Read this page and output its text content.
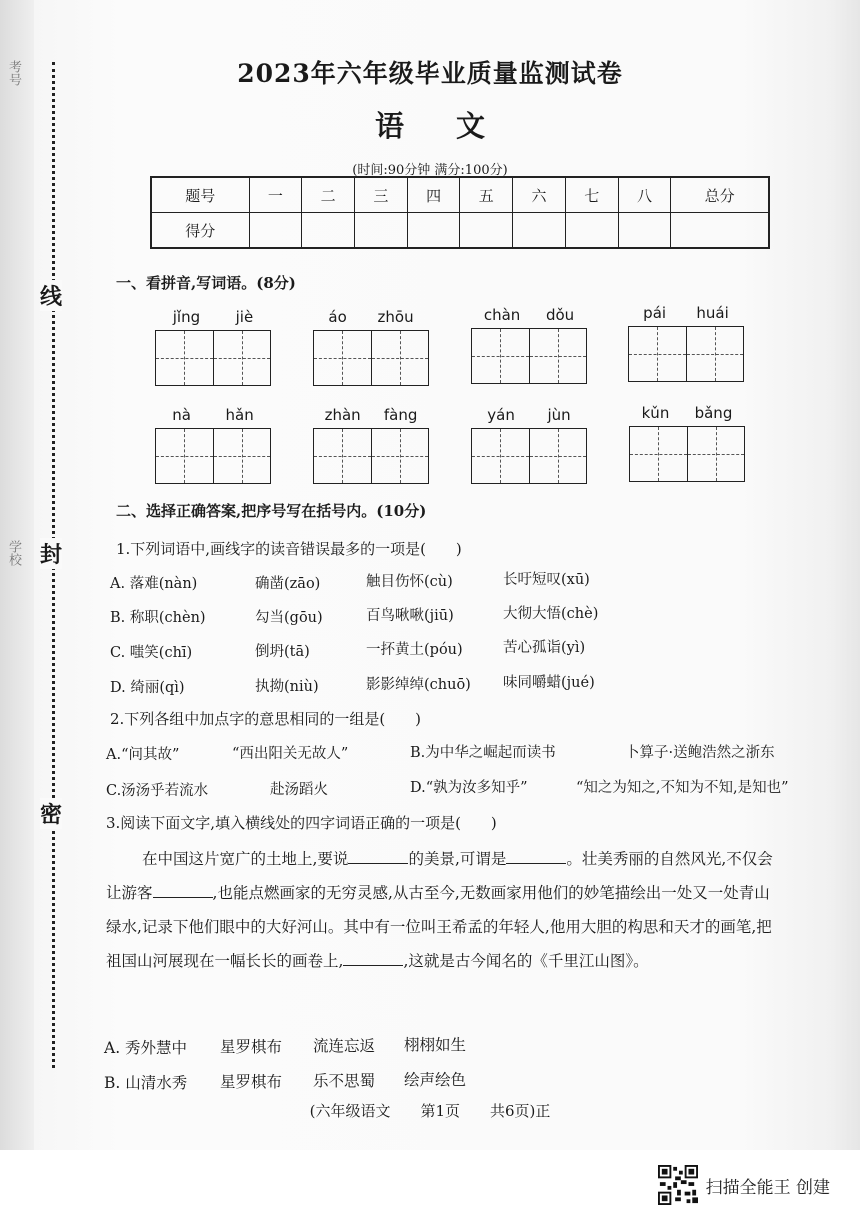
考号
学校
线
封
密
2023年六年级毕业质量监测试卷
语文
(时间:90分钟 满分:100分)
题号	一	二	三	四	五	六	七	八	总分
得分									
一、看拼音,写词语。(8分)
jǐng jiè	áo zhōu	chàn dǒu	pái huái
nà hǎn	zhàn fàng	yán jùn	kǔn bǎng
二、选择正确答案,把序号写在括号内。(10分)
1.下列词语中,画线字的读音错误最多的一项是(　　)
A. 落难(nàn)	确凿(zāo)	触目伤怀(cù)	长吁短叹(xū)
B. 称职(chèn)	勾当(gōu)	百鸟啾啾(jiū)	大彻大悟(chè)
C. 嗤笑(chī)	倒坍(tā)	一抔黄土(póu)	苦心孤诣(yì)
D. 绮丽(qì)	执拗(niù)	影影绰绰(chuō) 味同嚼蜡(jué)
2.下列各组中加点字的意思相同的一组是(　　)
A.“问其故”	“西出阳关无故人”	B.为中华之崛起而读书	卜算子·送鲍浩然之浙东
C.汤汤乎若流水	赴汤蹈火	D.“孰为汝多知乎”	“知之为知之,不知为不知,是知也”
3.阅读下面文字,填入横线处的四字词语正确的一项是(　　)
在中国这片宽广的土地上,要说	的美景,可谓是	。壮美秀丽的自然风光,不仅会让游客	,也能点燃画家的无穷灵感,从古至今,无数画家用他们的妙笔描绘出一处又一处青山绿水,记录下他们眼中的大好河山。其中有一位叫王希孟的年轻人,他用大胆的构思和天才的画笔,把祖国山河展现在一幅长长的画卷上,	,这就是古今闻名的《千里江山图》。
A. 秀外慧中 星罗棋布 流连忘返 栩栩如生
B. 山清水秀 星罗棋布 乐不思蜀 绘声绘色
(六年级语文　　第1页　　共6页)正
扫描全能王 创建
